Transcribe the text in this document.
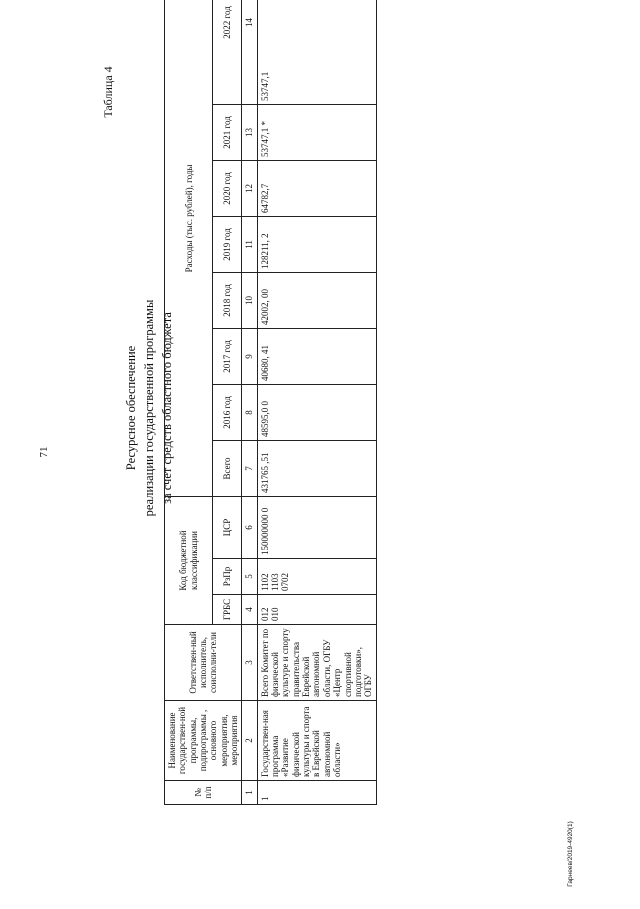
71
Таблица 4
Ресурсное обеспечение реализации государственной программы за счет средств областного бюджета
№ п/п	Наименование государствен-ной программы, подпрограммы , основного мероприятия, мероприятия	Ответствен-ный исполнитель, соисполни-тели	Код бюджетной классификации			Расходы (тыс. рублей), годы							
			ГРБС	РзПр	ЦСР	Всего	2016 год	2017 год	2018 год	2019 год	2020 год	2021 год	2022 год
1	2	3	4	5	6	7	8	9	10	11	12	13	14
1	Государствен-ная программа «Развитие физической культуры и спорта в Еврейской автономной области»	Всего Комитет по физической культуре и спорту правительства Еврейской автономной области, ОГБУ «Центр спортивной подготовки», ОГБУ	012 010	1102 1103 0702	150000000 0	431765 ,51	48595,0 0	40680, 41	42002, 00	128211, 2	64782,7	53747,1 *	53747,1
Гарнеев/2019-4920(1)
